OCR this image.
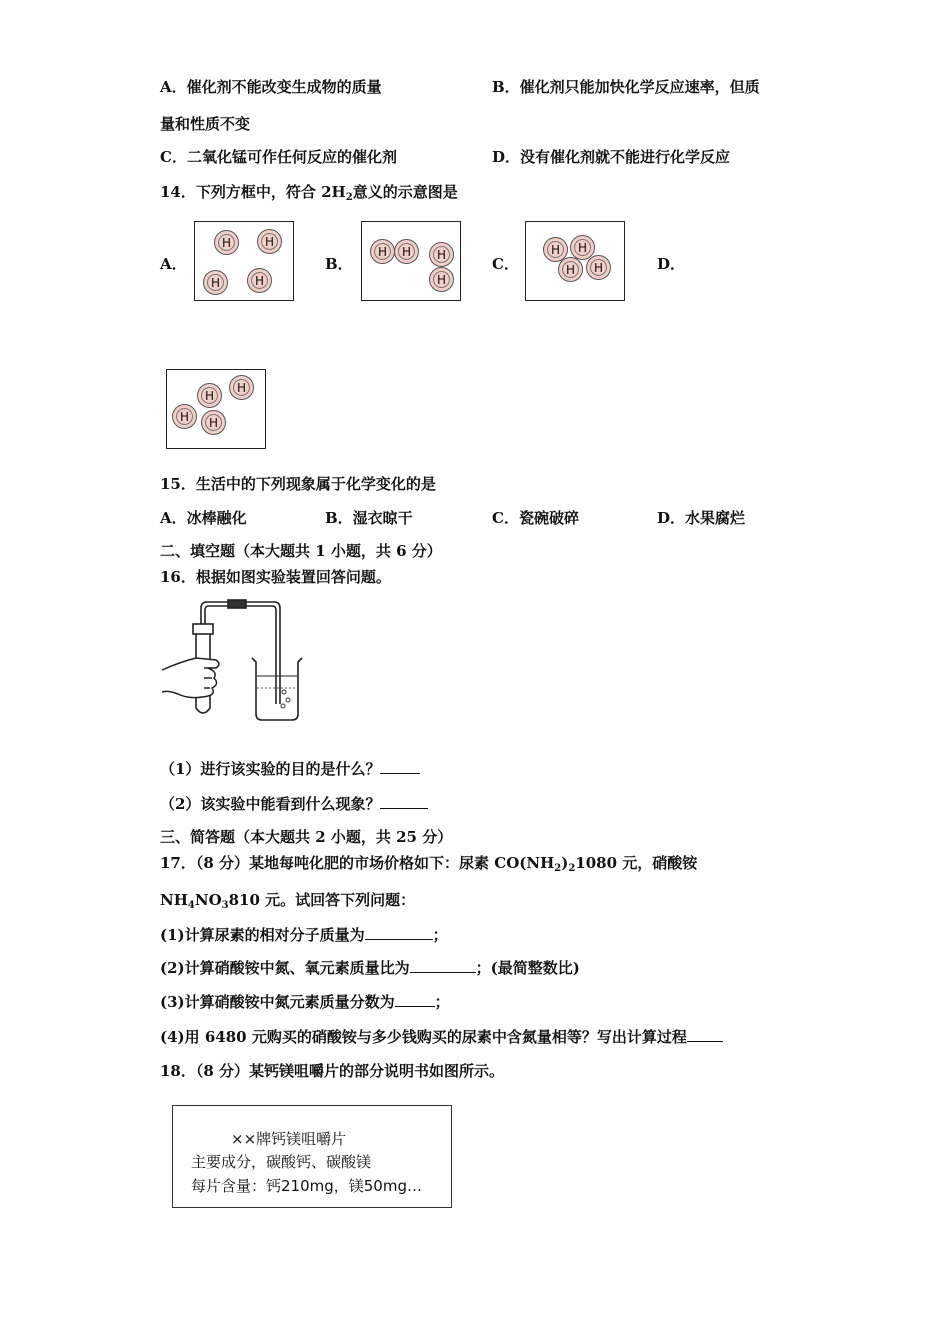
A．催化剂不能改变生成物的质量	B．催化剂只能加快化学反应速率，但质
量和性质不变
C．二氧化锰可作任何反应的催化剂	D．没有催化剂就不能进行化学反应
14．下列方框中，符合 $2H_2$意义的示意图是
A．
H	H
H	H
B．
H	H	H
H
C．
H	H
H	H	D．
H
H
H	H
15．生活中的下列现象属于化学变化的是
A．冰棒融化	B．湿衣晾干	C．瓷碗破碎	D．水果腐烂
二、填空题（本大题共 1 小题，共 6 分）
16．根据如图实验装置回答问题。
（1）进行该实验的目的是什么？
（2）该实验中能看到什么现象？
三、简答题（本大题共 2 小题，共 25 分）
17．（8 分）某地每吨化肥的市场价格如下：尿素 $CO(NH_2)_21080$ 元，硝酸铵
$NH_4NO_3810$ 元。试回答下列问题：
(1)计算尿素的相对分子质量为	；
(2)计算硝酸铵中氮、氧元素质量比为	；(最简整数比)
(3)计算硝酸铵中氮元素质量分数为	；
(4)用 6480 元购买的硝酸铵与多少钱购买的尿素中含氮量相等？写出计算过程
18．（8 分）某钙镁咀嚼片的部分说明书如图所示。
××牌钙镁咀嚼片
主要成分，碳酸钙、碳酸镁
每片含量：钙210mg，镁50mg…
